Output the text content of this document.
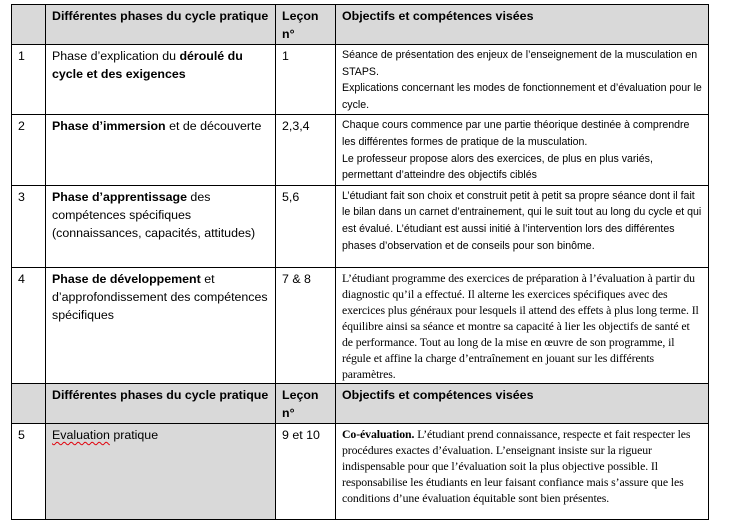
	Différentes phases du cycle pratique	Leçon n°	Objectifs et compétences visées
1	Phase d’explication du déroulé du cycle et des exigences	1	Séance de présentation des enjeux de l’enseignement de la musculation en STAPS.

Explications concernant les modes de fonctionnement et d’évaluation pour le cycle.

2	Phase d’immersion et de découverte	2,3,4	Chaque cours commence par une partie théorique destinée à comprendre les différentes formes de pratique de la musculation.

Le professeur propose alors des exercices, de plus en plus variés, permettant d’atteindre des objectifs ciblés

3	Phase d’apprentissage des compétences spécifiques (connaissances, capacités, attitudes)	5,6	L’étudiant fait son choix et construit petit à petit sa propre séance dont il fait le bilan dans un carnet d’entrainement, qui le suit tout au long du cycle et qui est évalué. L’étudiant est aussi initié à l’intervention lors des différentes phases d’observation et de conseils pour son binôme.

4	Phase de développement et d’approfondissement des compétences spécifiques	7 & 8	L’étudiant programme des exercices de préparation à l’évaluation à partir du diagnostic qu’il a effectué. Il alterne les exercices spécifiques avec des exercices plus généraux pour lesquels il attend des effets à plus long terme. Il équilibre ainsi sa séance et montre sa capacité à lier les objectifs de santé et de performance. Tout au long de la mise en œuvre de son programme, il régule et affine la charge d’entraînement en jouant sur les différents paramètres.

	Différentes phases du cycle pratique	Leçon n°	Objectifs et compétences visées
5	Evaluation pratique	9 et 10	Co-évaluation. L’étudiant prend connaissance, respecte et fait respecter les procédures exactes d’évaluation. L’enseignant insiste sur la rigueur indispensable pour que l’évaluation soit la plus objective possible. Il responsabilise les étudiants en leur faisant confiance mais s’assure que les conditions d’une évaluation équitable sont bien présentes.
